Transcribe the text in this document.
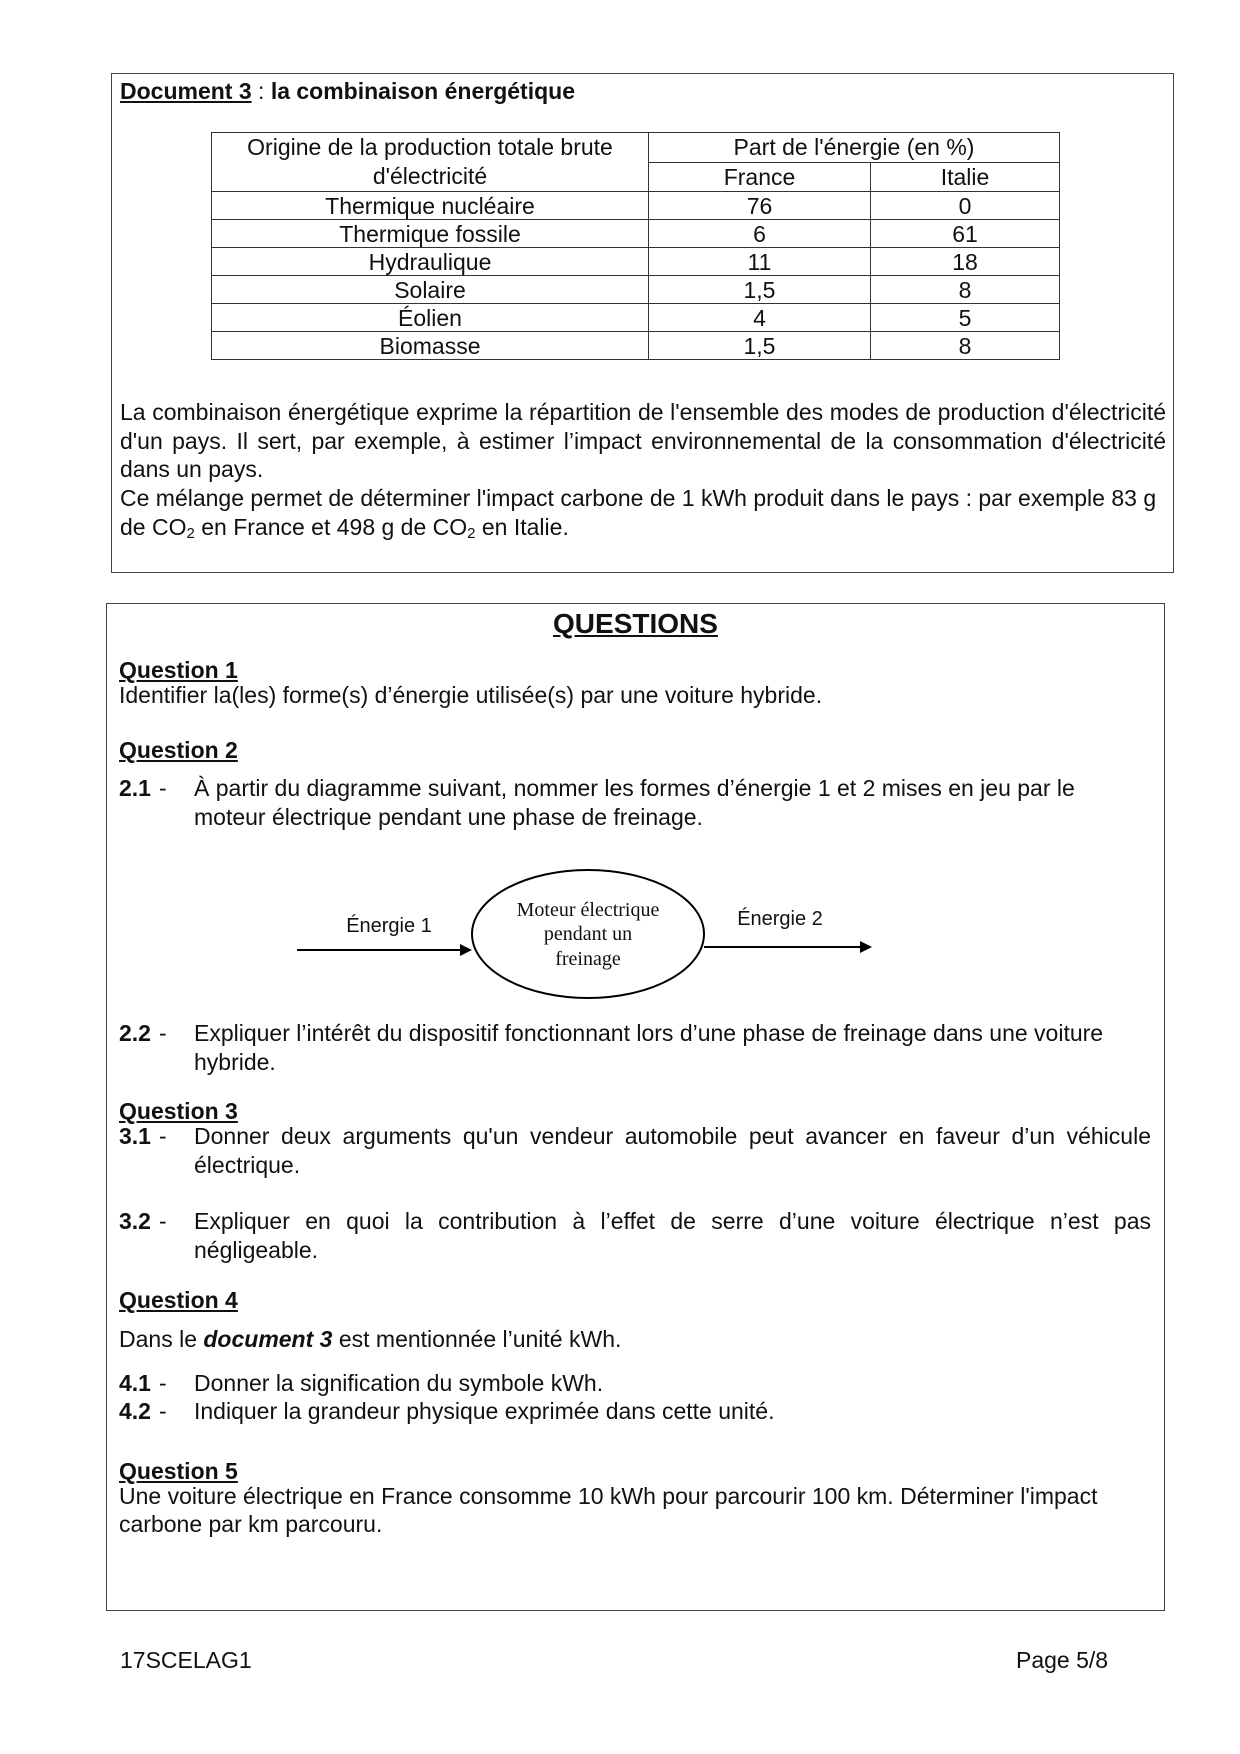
Document 3 : la combinaison énergétique
Origine de la production totale brute
d'électricité	Part de l'énergie (en %)	
	France	Italie
Thermique nucléaire	76	0
Thermique fossile	6	61
Hydraulique	11	18
Solaire	1,5	8
Éolien	4	5
Biomasse	1,5	8
La combinaison énergétique exprime la répartition de l'ensemble des modes de production d'électricité d'un pays. Il sert, par exemple, à estimer l’impact environnemental de la consommation d'électricité dans un pays.
Ce mélange permet de déterminer l'impact carbone de 1 kWh produit dans le pays : par exemple 83 g de $CO_2$ en France et 498 g de $CO_2$ en Italie.
QUESTIONS
Question 1
Identifier la(les) forme(s) d’énergie utilisée(s) par une voiture hybride.
Question 2
2.1 - À partir du diagramme suivant, nommer les formes d’énergie 1 et 2 mises en jeu par le moteur électrique pendant une phase de freinage.
Énergie 1
Moteur électrique
pendant un
freinage
Énergie 2
2.2 - Expliquer l’intérêt du dispositif fonctionnant lors d’une phase de freinage dans une voiture hybride.
Question 3
3.1 - Donner deux arguments qu'un vendeur automobile peut avancer en faveur d’un véhicule électrique.
3.2 - Expliquer en quoi la contribution à l’effet de serre d’une voiture électrique n’est pas négligeable.
Question 4
Dans le document 3 est mentionnée l’unité kWh.
4.1 - Donner la signification du symbole kWh.
4.2 - Indiquer la grandeur physique exprimée dans cette unité.
Question 5
Une voiture électrique en France consomme 10 kWh pour parcourir 100 km. Déterminer l'impact carbone par km parcouru.
17SCELAG1	Page 5/8
